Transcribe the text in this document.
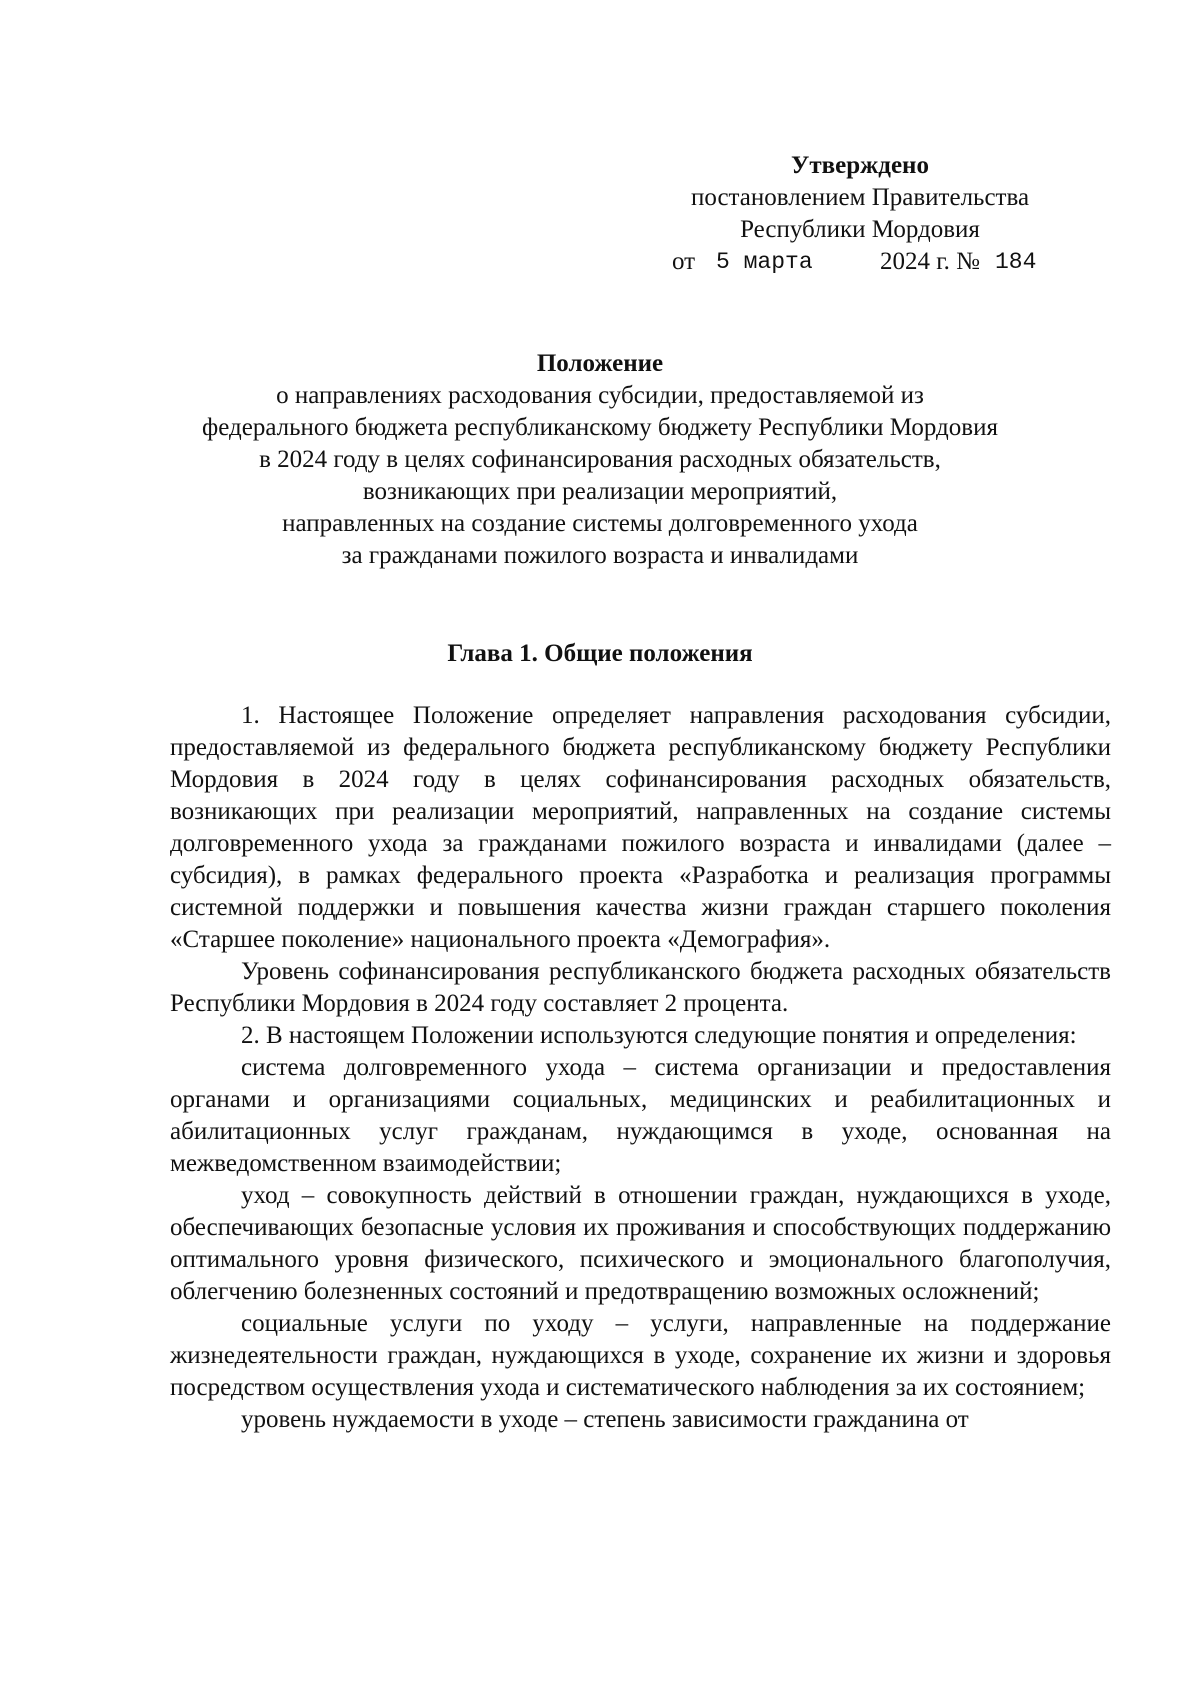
Утверждено
постановлением Правительства
Республики Мордовия
от 5 марта	2024 г. № 184
Положение
о направлениях расходования субсидии, предоставляемой из
федерального бюджета республиканскому бюджету Республики Мордовия
в 2024 году в целях софинансирования расходных обязательств,
возникающих при реализации мероприятий,
направленных на создание системы долговременного ухода
за гражданами пожилого возраста и инвалидами
Глава 1. Общие положения

1. Настоящее Положение определяет направления расходования субсидии, предоставляемой из федерального бюджета республиканскому бюджету Республики Мордовия в 2024 году в целях софинансирования расходных обязательств, возникающих при реализации мероприятий, направленных на создание системы долговременного ухода за гражданами пожилого возраста и инвалидами (далее – субсидия), в рамках федерального проекта «Разработка и реализация программы системной поддержки и повышения качества жизни граждан старшего поколения «Старшее поколение» национального проекта «Демография».

Уровень софинансирования республиканского бюджета расходных обязательств Республики Мордовия в 2024 году составляет 2 процента.

2. В настоящем Положении используются следующие понятия и определения:

система долговременного ухода – система организации и предоставления органами и организациями социальных, медицинских и реабилитационных и абилитационных услуг гражданам, нуждающимся в уходе, основанная на межведомственном взаимодействии;

уход – совокупность действий в отношении граждан, нуждающихся в уходе, обеспечивающих безопасные условия их проживания и способствующих поддержанию оптимального уровня физического, психического и эмоционального благополучия, облегчению болезненных состояний и предотвращению возможных осложнений;

социальные услуги по уходу – услуги, направленные на поддержание жизнедеятельности граждан, нуждающихся в уходе, сохранение их жизни и здоровья посредством осуществления ухода и систематического наблюдения за их состоянием;

уровень нуждаемости в уходе – степень зависимости гражданина от
